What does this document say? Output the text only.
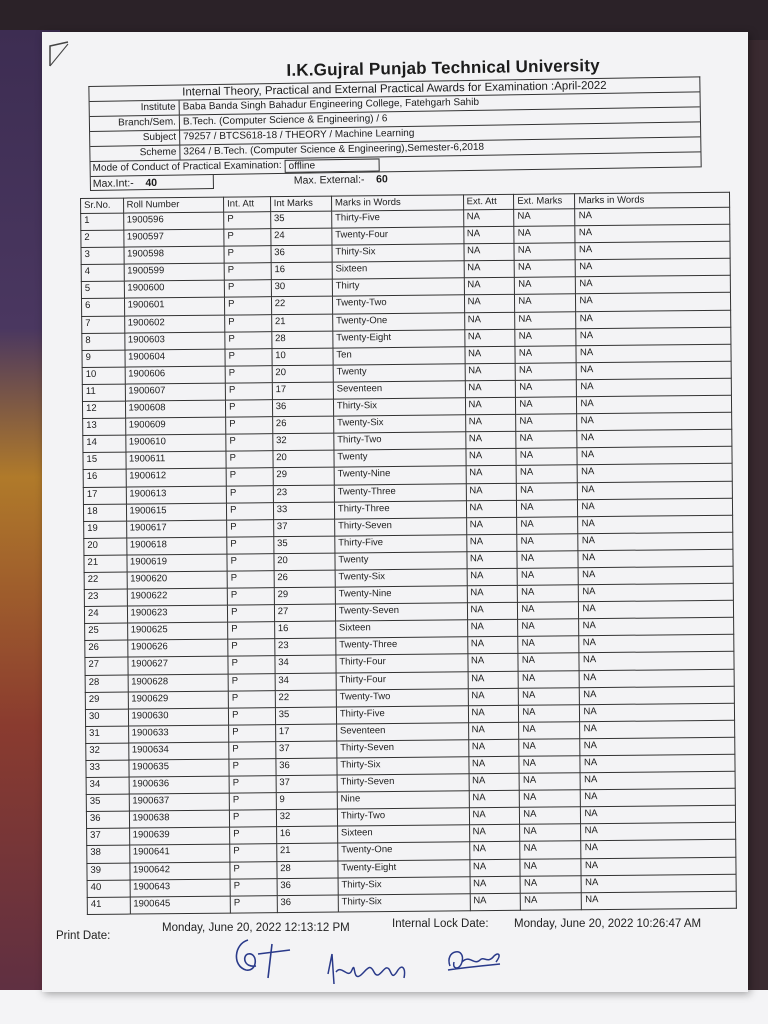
I.K.Gujral Punjab Technical University
Internal Theory, Practical and External Practical Awards for Examination :April-2022
Institute Baba Banda Singh Bahadur Engineering College, Fatehgarh Sahib
Branch/Sem. B.Tech. (Computer Science & Engineering) / 6
Subject 79257 / BTCS618-18 / THEORY / Machine Learning
Scheme 3264 / B.Tech. (Computer Science & Engineering),Semester-6,2018
Mode of Conduct of Practical Examination: offline
Max.Int:- 40	Max. External:- 60
Sr.No.	Roll Number	Int. Att	Int Marks	Marks in Words	Ext. Att	Ext. Marks	Marks in Words
1	1900596	P	35	Thirty-Five	NA	NA	NA
2	1900597	P	24	Twenty-Four	NA	NA	NA
3	1900598	P	36	Thirty-Six	NA	NA	NA
4	1900599	P	16	Sixteen	NA	NA	NA
5	1900600	P	30	Thirty	NA	NA	NA
6	1900601	P	22	Twenty-Two	NA	NA	NA
7	1900602	P	21	Twenty-One	NA	NA	NA
8	1900603	P	28	Twenty-Eight	NA	NA	NA
9	1900604	P	10	Ten	NA	NA	NA
10	1900606	P	20	Twenty	NA	NA	NA
11	1900607	P	17	Seventeen	NA	NA	NA
12	1900608	P	36	Thirty-Six	NA	NA	NA
13	1900609	P	26	Twenty-Six	NA	NA	NA
14	1900610	P	32	Thirty-Two	NA	NA	NA
15	1900611	P	20	Twenty	NA	NA	NA
16	1900612	P	29	Twenty-Nine	NA	NA	NA
17	1900613	P	23	Twenty-Three	NA	NA	NA
18	1900615	P	33	Thirty-Three	NA	NA	NA
19	1900617	P	37	Thirty-Seven	NA	NA	NA
20	1900618	P	35	Thirty-Five	NA	NA	NA
21	1900619	P	20	Twenty	NA	NA	NA
22	1900620	P	26	Twenty-Six	NA	NA	NA
23	1900622	P	29	Twenty-Nine	NA	NA	NA
24	1900623	P	27	Twenty-Seven	NA	NA	NA
25	1900625	P	16	Sixteen	NA	NA	NA
26	1900626	P	23	Twenty-Three	NA	NA	NA
27	1900627	P	34	Thirty-Four	NA	NA	NA
28	1900628	P	34	Thirty-Four	NA	NA	NA
29	1900629	P	22	Twenty-Two	NA	NA	NA
30	1900630	P	35	Thirty-Five	NA	NA	NA
31	1900633	P	17	Seventeen	NA	NA	NA
32	1900634	P	37	Thirty-Seven	NA	NA	NA
33	1900635	P	36	Thirty-Six	NA	NA	NA
34	1900636	P	37	Thirty-Seven	NA	NA	NA
35	1900637	P	9	Nine	NA	NA	NA
36	1900638	P	32	Thirty-Two	NA	NA	NA
37	1900639	P	16	Sixteen	NA	NA	NA
38	1900641	P	21	Twenty-One	NA	NA	NA
39	1900642	P	28	Twenty-Eight	NA	NA	NA
40	1900643	P	36	Thirty-Six	NA	NA	NA
41	1900645	P	36	Thirty-Six	NA	NA	NA
Print Date:
Monday, June 20, 2022 12:13:12 PM	Internal Lock Date: Monday, June 20, 2022 10:26:47 AM
